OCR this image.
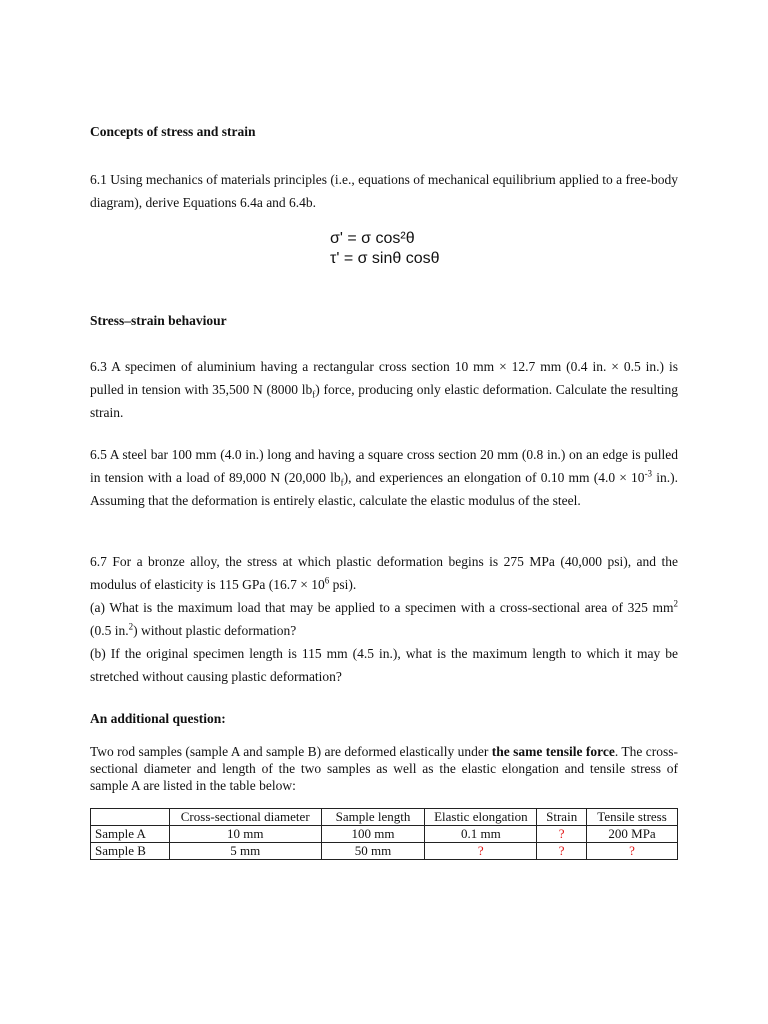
Concepts of stress and strain

6.1 Using mechanics of materials principles (i.e., equations of mechanical equilibrium applied to a free-body diagram), derive Equations 6.4a and 6.4b.

σ' = σ cos²θ
τ' = σ sinθ cosθ
Stress–strain behaviour

6.3 A specimen of aluminium having a rectangular cross section 10 mm × 12.7 mm (0.4 in. × 0.5 in.) is pulled in tension with 35,500 N (8000 $lb_f$) force, producing only elastic deformation. Calculate the resulting strain.

6.5 A steel bar 100 mm (4.0 in.) long and having a square cross section 20 mm (0.8 in.) on an edge is pulled in tension with a load of 89,000 N (20,000 $lb_f$), and experiences an elongation of 0.10 mm ($4.0 \times 10^{-3}$ in.). Assuming that the deformation is entirely elastic, calculate the elastic modulus of the steel.

6.7 For a bronze alloy, the stress at which plastic deformation begins is 275 MPa (40,000 psi), and the modulus of elasticity is 115 GPa ($16.7 \times 10^6$ psi).

(a) What is the maximum load that may be applied to a specimen with a cross-sectional area of 325 $mm^2$ (0.5 in.$^2$) without plastic deformation?

(b) If the original specimen length is 115 mm (4.5 in.), what is the maximum length to which it may be stretched without causing plastic deformation?

An additional question:

Two rod samples (sample A and sample B) are deformed elastically under the same tensile force. The cross-sectional diameter and length of the two samples as well as the elastic elongation and tensile stress of sample A are listed in the table below:

	Cross-sectional diameter	Sample length	Elastic elongation	Strain	Tensile stress
Sample A	10 mm	100 mm	0.1 mm	?	200 MPa
Sample B	5 mm	50 mm	?	?	?
